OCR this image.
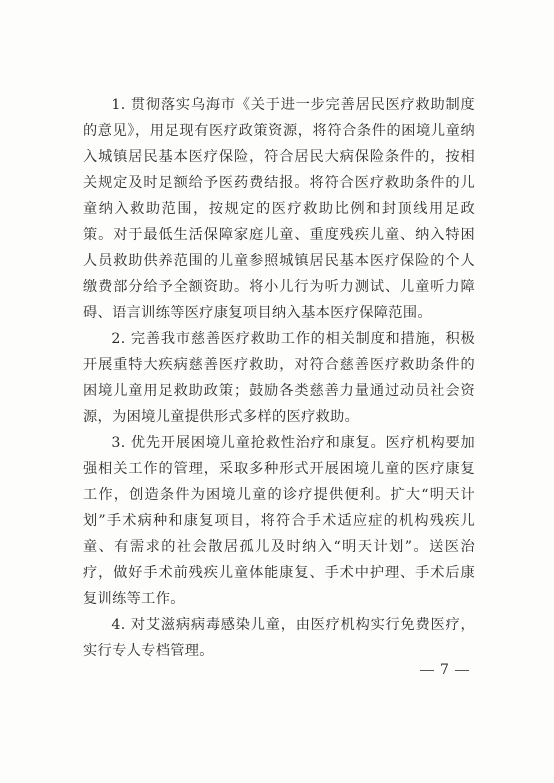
1. 贯彻落实乌海市《关于进一步完善居民医疗救助制度的意见》，用足现有医疗政策资源，将符合条件的困境儿童纳入城镇居民基本医疗保险，符合居民大病保险条件的，按相关规定及时足额给予医药费结报。将符合医疗救助条件的儿童纳入救助范围，按规定的医疗救助比例和封顶线用足政策。对于最低生活保障家庭儿童、重度残疾儿童、纳入特困人员救助供养范围的儿童参照城镇居民基本医疗保险的个人缴费部分给予全额资助。将小儿行为听力测试、儿童听力障碍、语言训练等医疗康复项目纳入基本医疗保障范围。

2. 完善我市慈善医疗救助工作的相关制度和措施，积极开展重特大疾病慈善医疗救助，对符合慈善医疗救助条件的困境儿童用足救助政策；鼓励各类慈善力量通过动员社会资源，为困境儿童提供形式多样的医疗救助。

3. 优先开展困境儿童抢救性治疗和康复。医疗机构要加强相关工作的管理，采取多种形式开展困境儿童的医疗康复工作，创造条件为困境儿童的诊疗提供便利。扩大“明天计划”手术病种和康复项目，将符合手术适应症的机构残疾儿童、有需求的社会散居孤儿及时纳入“明天计划”。送医治疗，做好手术前残疾儿童体能康复、手术中护理、手术后康复训练等工作。

4. 对艾滋病病毒感染儿童，由医疗机构实行免费医疗，实行专人专档管理。

7
